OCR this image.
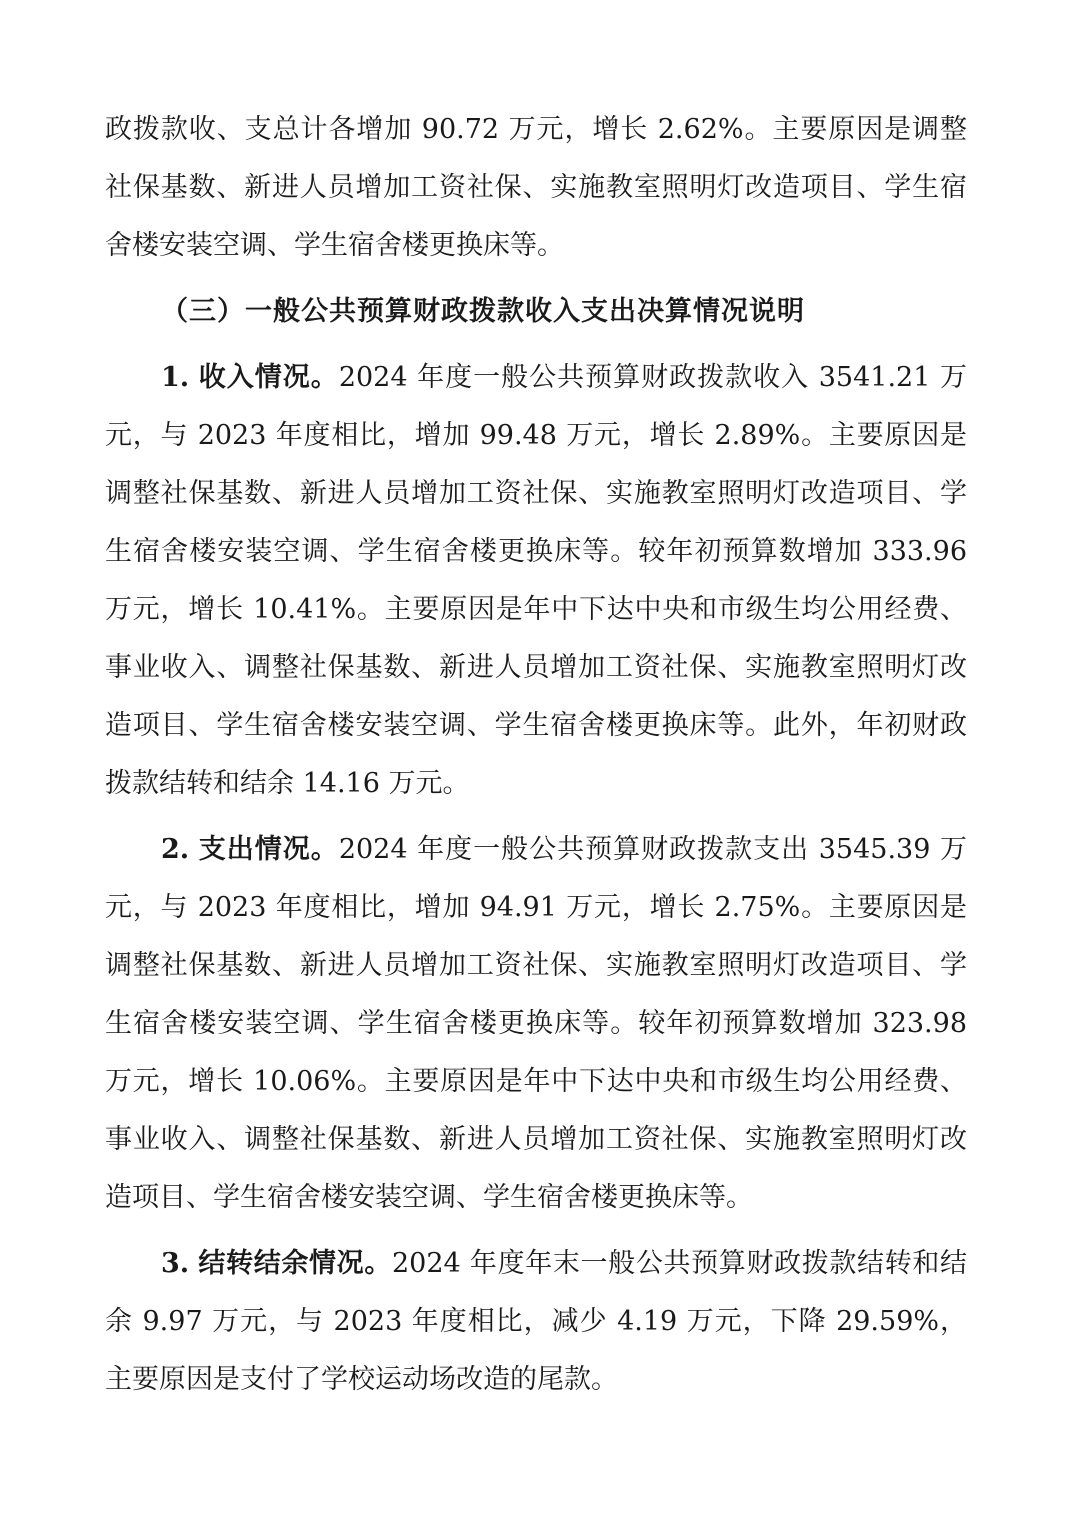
政拨款收、支总计各增加 90.72 万元，增长 2.62%。主要原因是调整社保基数、新进人员增加工资社保、实施教室照明灯改造项目、学生宿舍楼安装空调、学生宿舍楼更换床等。

（三）一般公共预算财政拨款收入支出决算情况说明

1. 收入情况。2024 年度一般公共预算财政拨款收入 3541.21 万元，与 2023 年度相比，增加 99.48 万元，增长 2.89%。主要原因是调整社保基数、新进人员增加工资社保、实施教室照明灯改造项目、学生宿舍楼安装空调、学生宿舍楼更换床等。较年初预算数增加 333.96 万元，增长 10.41%。主要原因是年中下达中央和市级生均公用经费、事业收入、调整社保基数、新进人员增加工资社保、实施教室照明灯改造项目、学生宿舍楼安装空调、学生宿舍楼更换床等。此外，年初财政拨款结转和结余 14.16 万元。

2. 支出情况。2024 年度一般公共预算财政拨款支出 3545.39 万元，与 2023 年度相比，增加 94.91 万元，增长 2.75%。主要原因是调整社保基数、新进人员增加工资社保、实施教室照明灯改造项目、学生宿舍楼安装空调、学生宿舍楼更换床等。较年初预算数增加 323.98 万元，增长 10.06%。主要原因是年中下达中央和市级生均公用经费、事业收入、调整社保基数、新进人员增加工资社保、实施教室照明灯改造项目、学生宿舍楼安装空调、学生宿舍楼更换床等。

3. 结转结余情况。2024 年度年末一般公共预算财政拨款结转和结余 9.97 万元，与 2023 年度相比，减少 4.19 万元，下降 29.59%，主要原因是支付了学校运动场改造的尾款。
